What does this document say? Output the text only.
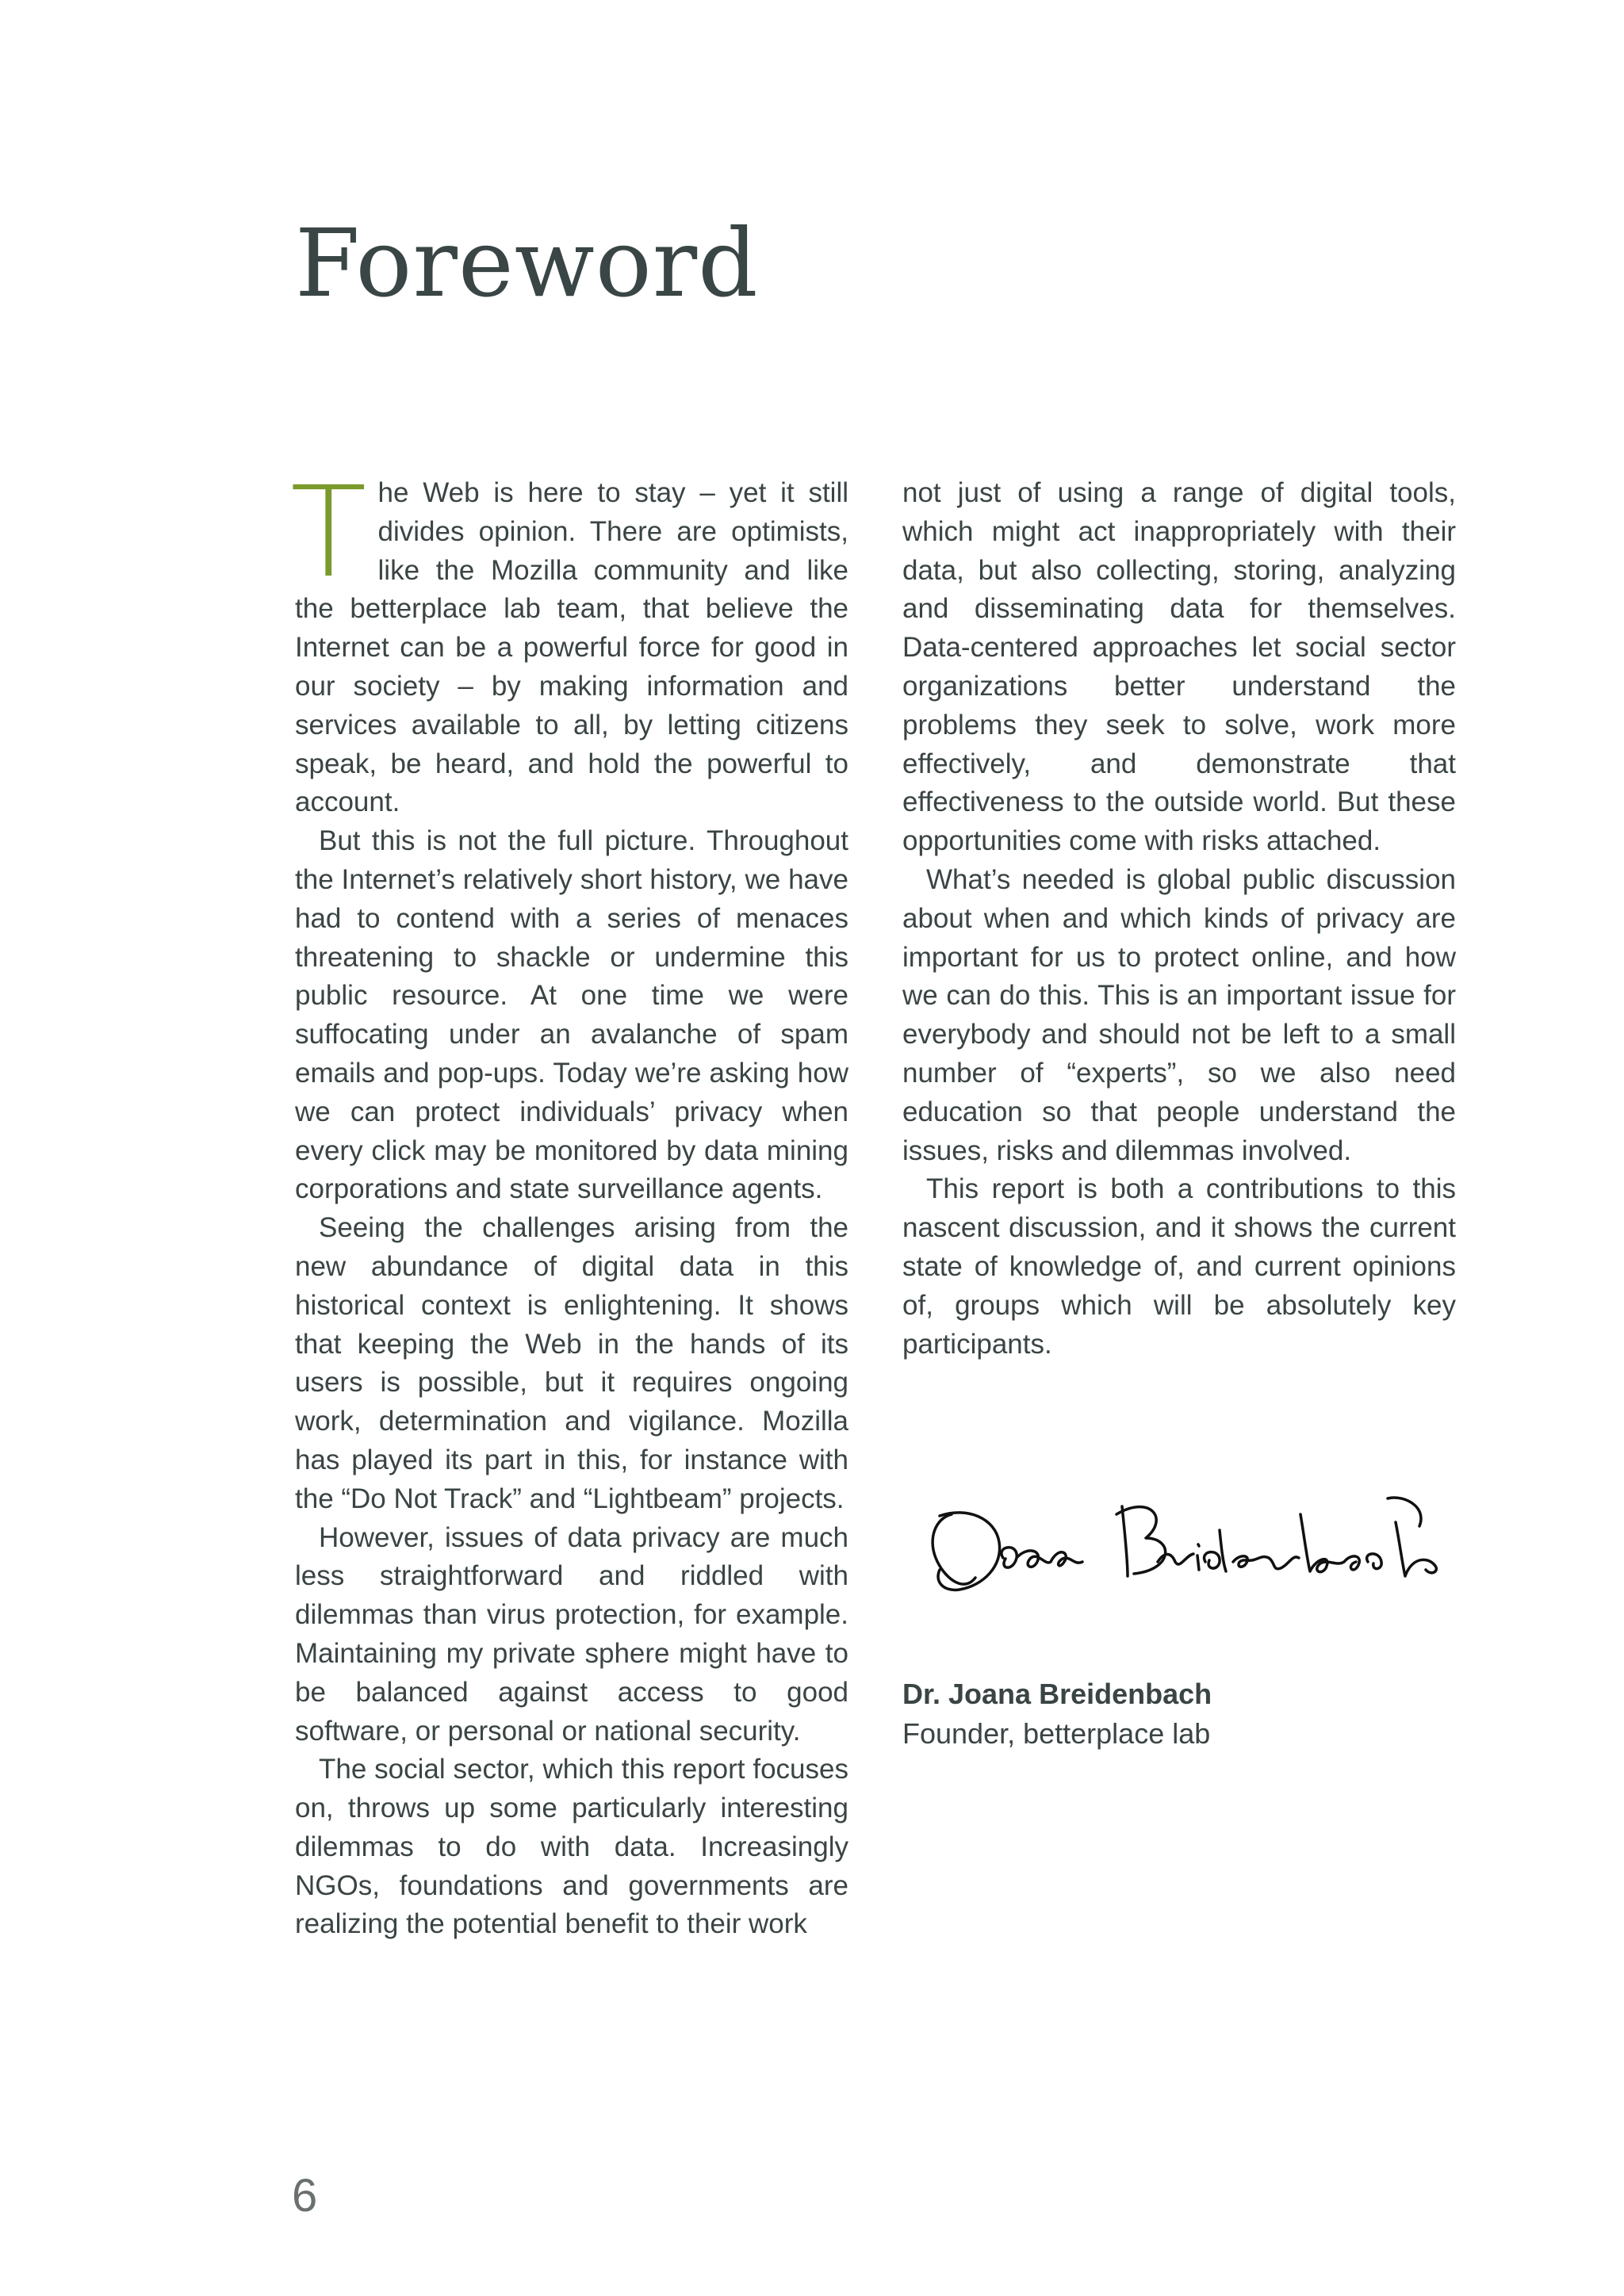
Foreword

The Web is here to stay – yet it still divides opinion. There are optimists, like the Mozilla community and like the betterplace lab team, that believe the Internet can be a powerful force for good in our society – by making information and services available to all, by letting citizens speak, be heard, and hold the powerful to account.

But this is not the full picture. Throughout the Internet’s relatively short history, we have had to contend with a series of menaces threatening to shackle or undermine this public resource. At one time we were suffocating under an avalanche of spam emails and pop-ups. Today we’re asking how we can protect individuals’ privacy when every click may be monitored by data mining corporations and state surveillance agents.

Seeing the challenges arising from the new abundance of digital data in this historical context is enlightening. It shows that keeping the Web in the hands of its users is possible, but it requires ongoing work, determination and vigilance. Mozilla has played its part in this, for instance with the “Do Not Track” and “Lightbeam” projects.

However, issues of data privacy are much less straightforward and riddled with dilemmas than virus protection, for example. Maintaining my private sphere might have to be balanced against access to good software, or personal or national security.

The social sector, which this report focuses on, throws up some particularly interesting dilemmas to do with data. Increasingly NGOs, foundations and governments are realizing the potential benefit to their work

not just of using a range of digital tools, which might act inappropriately with their data, but also collecting, storing, analyzing and disseminating data for themselves. Data-centered approaches let social sector organizations better understand the problems they seek to solve, work more effectively, and demonstrate that effectiveness to the outside world. But these opportunities come with risks attached.

What’s needed is global public discussion about when and which kinds of privacy are important for us to protect online, and how we can do this. This is an important issue for everybody and should not be left to a small number of “experts”, so we also need education so that people understand the issues, risks and dilemmas involved.

This report is both a contributions to this nascent discussion, and it shows the current state of knowledge of, and current opinions of, groups which will be absolutely key participants.

Dr. Joana Breidenbach
Founder, betterplace lab
6
